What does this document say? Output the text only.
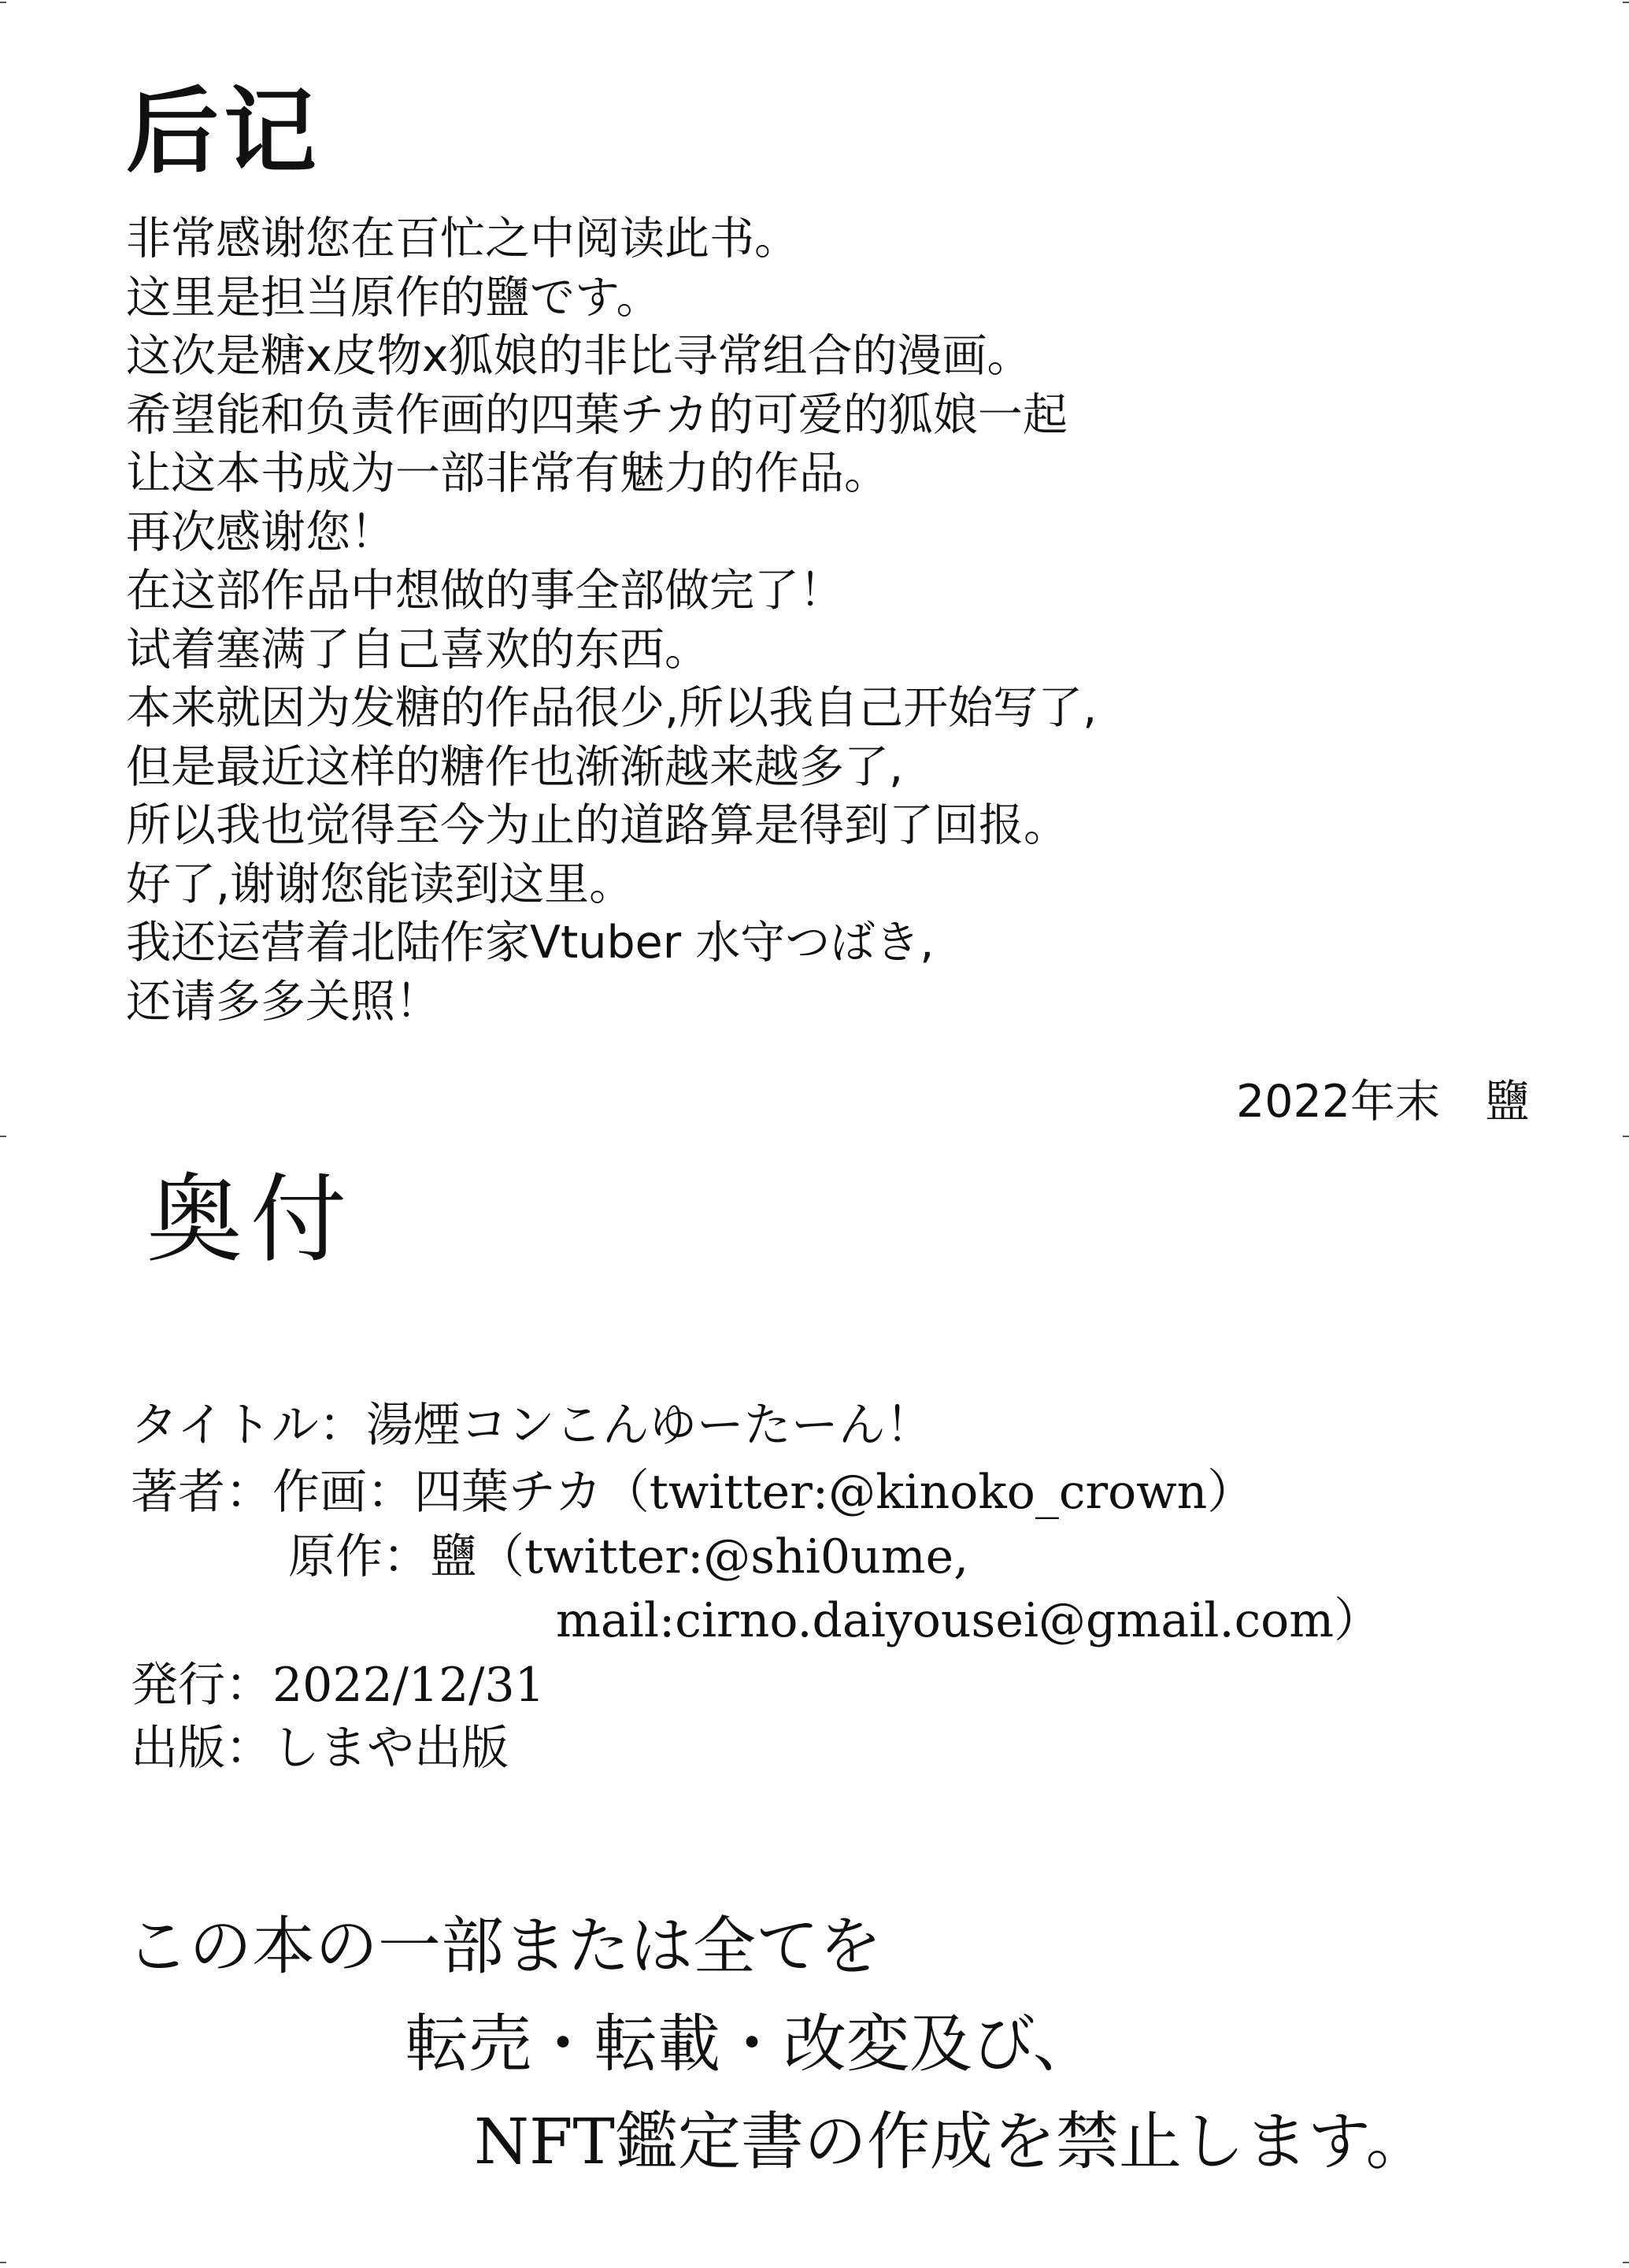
后记
非常感谢您在百忙之中阅读此书。
这里是担当原作的鹽です。
这次是糖x皮物x狐娘的非比寻常组合的漫画。
希望能和负责作画的四葉チカ的可爱的狐娘一起
让这本书成为一部非常有魅力的作品。
再次感谢您！
在这部作品中想做的事全部做完了！
试着塞满了自己喜欢的东西。
本来就因为发糖的作品很少,所以我自己开始写了,
但是最近这样的糖作也渐渐越来越多了,
所以我也觉得至今为止的道路算是得到了回报。
好了,谢谢您能读到这里。
我还运营着北陆作家Vtuber 水守つばき,
还请多多关照！
2022年末　鹽
奥付
タイトル：湯煙コンこんゆーたーん！
著者：作画：四葉チカ（twitter:@kinoko_crown）
原作：鹽（twitter:@shi0ume,
mail:cirno.daiyousei@gmail.com）
発行：2022/12/31
出版：しまや出版
この本の一部または全てを
転売・転載・改変及び、
NFT鑑定書の作成を禁止します。
